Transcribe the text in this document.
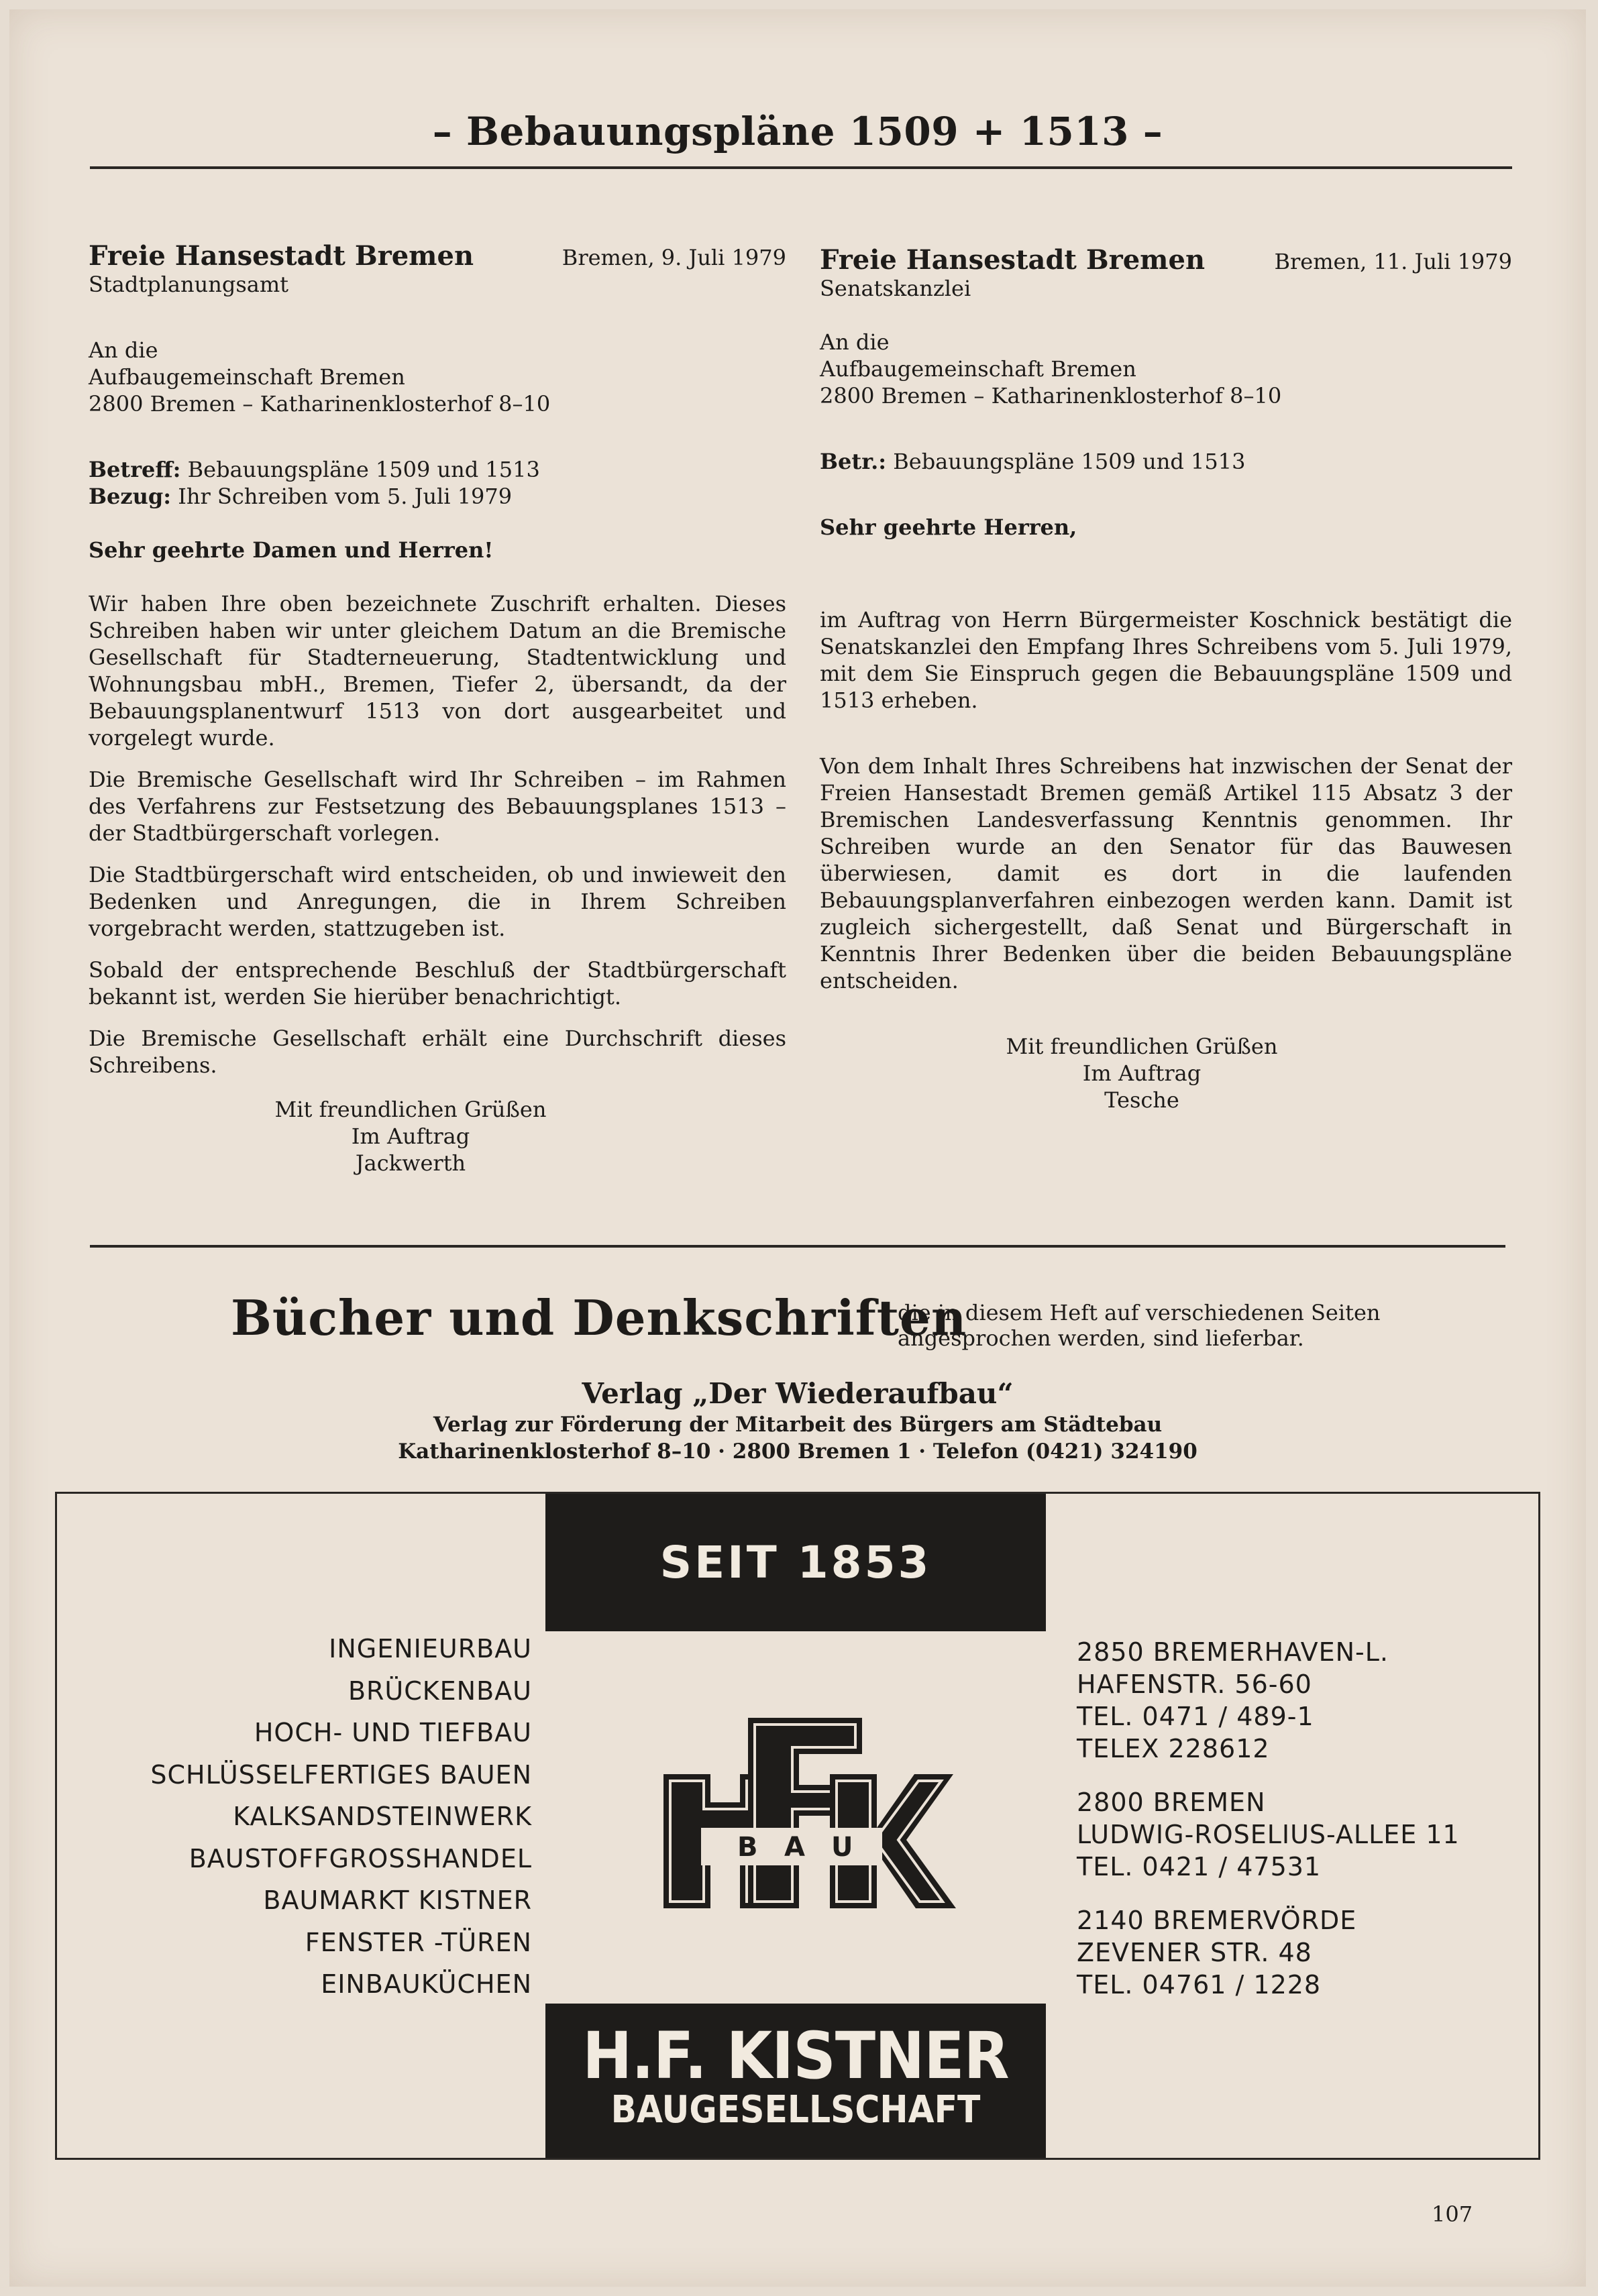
– Bebauungspläne 1509 + 1513 –
Freie Hansestadt Bremen	Bremen, 9. Juli 1979
Stadtplanungsamt
An die
Aufbaugemeinschaft Bremen
2800 Bremen – Katharinenklosterhof 8–10
Betreff: Bebauungspläne 1509 und 1513
Bezug: Ihr Schreiben vom 5. Juli 1979
Sehr geehrte Damen und Herren!

Wir haben Ihre oben bezeichnete Zuschrift erhalten. Dieses Schreiben haben wir unter gleichem Datum an die Bremische Gesellschaft für Stadterneuerung, Stadtentwicklung und Wohnungsbau mbH., Bremen, Tiefer 2, übersandt, da der Bebauungsplanentwurf 1513 von dort ausgearbeitet und vorgelegt wurde.

Die Bremische Gesellschaft wird Ihr Schreiben – im Rahmen des Verfahrens zur Festsetzung des Bebauungsplanes 1513 – der Stadtbürgerschaft vorlegen.

Die Stadtbürgerschaft wird entscheiden, ob und inwieweit den Bedenken und Anregungen, die in Ihrem Schreiben vorgebracht werden, stattzugeben ist.

Sobald der entsprechende Beschluß der Stadtbürgerschaft bekannt ist, werden Sie hierüber benachrichtigt.

Die Bremische Gesellschaft erhält eine Durchschrift dieses Schreibens.

Mit freundlichen Grüßen
Im Auftrag
Jackwerth
Freie Hansestadt Bremen	Bremen, 11. Juli 1979
Senatskanzlei
An die
Aufbaugemeinschaft Bremen
2800 Bremen – Katharinenklosterhof 8–10
Betr.: Bebauungspläne 1509 und 1513
Sehr geehrte Herren,

im Auftrag von Herrn Bürgermeister Koschnick bestätigt die Senatskanzlei den Empfang Ihres Schreibens vom 5. Juli 1979, mit dem Sie Einspruch gegen die Bebauungspläne 1509 und 1513 erheben.

Von dem Inhalt Ihres Schreibens hat inzwischen der Senat der Freien Hansestadt Bremen gemäß Artikel 115 Absatz 3 der Bremischen Landesverfassung Kenntnis genommen. Ihr Schreiben wurde an den Senator für das Bauwesen überwiesen, damit es dort in die laufenden Bebauungsplanverfahren einbezogen werden kann. Damit ist zugleich sichergestellt, daß Senat und Bürgerschaft in Kenntnis Ihrer Bedenken über die beiden Bebauungspläne entscheiden.

Mit freundlichen Grüßen
Im Auftrag
Tesche
Bücher und Denkschriften
die in diesem Heft auf verschiedenen Seiten angesprochen werden, sind lieferbar.
Verlag „Der Wiederaufbau“
Verlag zur Förderung der Mitarbeit des Bürgers am Städtebau
Katharinenklosterhof 8–10 · 2800 Bremen 1 · Telefon (0421) 324190
SEIT 1853
INGENIEURBAU
BRÜCKENBAU
HOCH- UND TIEFBAU
SCHLÜSSELFERTIGES BAUEN
KALKSANDSTEINWERK
BAUSTOFFGROSSHANDEL
BAUMARKT KISTNER
FENSTER -TÜREN
EINBAUKÜCHEN
B A U
2850 BREMERHAVEN-L.
HAFENSTR. 56-60
TEL. 0471 / 489-1
TELEX 228612
2800 BREMEN
LUDWIG-ROSELIUS-ALLEE 11
TEL. 0421 / 47531
2140 BREMERVÖRDE
ZEVENER STR. 48
TEL. 04761 / 1228
H.F. KISTNER
BAUGESELLSCHAFT
107
